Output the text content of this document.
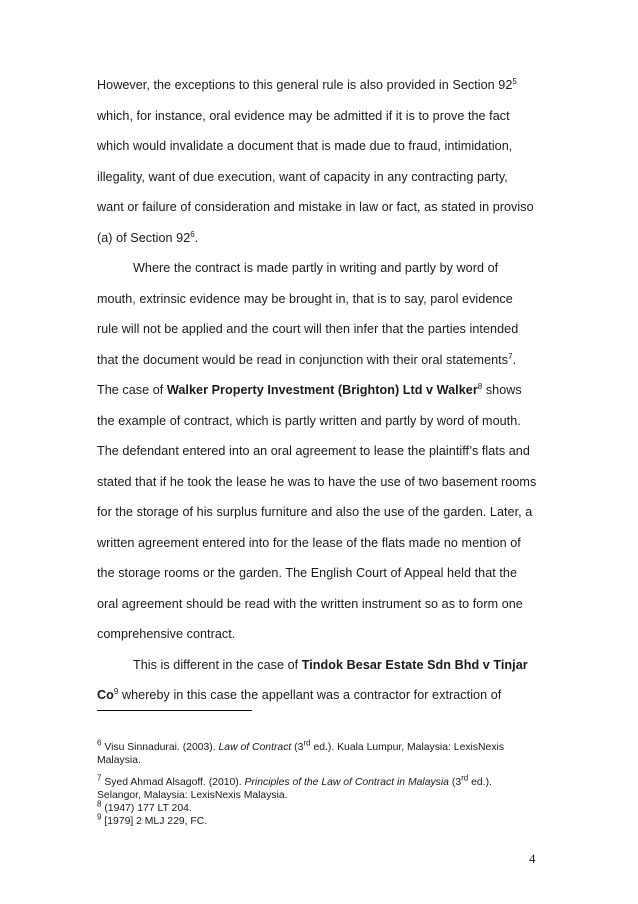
However, the exceptions to this general rule is also provided in Section $92^5$
which, for instance, oral evidence may be admitted if it is to prove the fact
which would invalidate a document that is made due to fraud, intimidation,
illegality, want of due execution, want of capacity in any contracting party,
want or failure of consideration and mistake in law or fact, as stated in proviso
(a) of Section $92^6$.
Where the contract is made partly in writing and partly by word of
mouth, extrinsic evidence may be brought in, that is to say, parol evidence
rule will not be applied and the court will then infer that the parties intended
that the document would be read in conjunction with their oral statements$^7$.
The case of Walker Property Investment (Brighton) Ltd v Walker$^8$ shows
the example of contract, which is partly written and partly by word of mouth.
The defendant entered into an oral agreement to lease the plaintiff’s flats and
stated that if he took the lease he was to have the use of two basement rooms
for the storage of his surplus furniture and also the use of the garden. Later, a
written agreement entered into for the lease of the flats made no mention of
the storage rooms or the garden. The English Court of Appeal held that the
oral agreement should be read with the written instrument so as to form one
comprehensive contract.
This is different in the case of Tindok Besar Estate Sdn Bhd v Tinjar
Co$^9$ whereby in this case the appellant was a contractor for extraction of
$^6$ Visu Sinnadurai. (2003). Law of Contract (3rd ed.). Kuala Lumpur, Malaysia: LexisNexis
Malaysia.
$^7$ Syed Ahmad Alsagoff. (2010). Principles of the Law of Contract in Malaysia (3rd ed.).
Selangor, Malaysia: LexisNexis Malaysia.
$^8$ (1947) 177 LT 204.
$^9$ [1979] 2 MLJ 229, FC.
4
